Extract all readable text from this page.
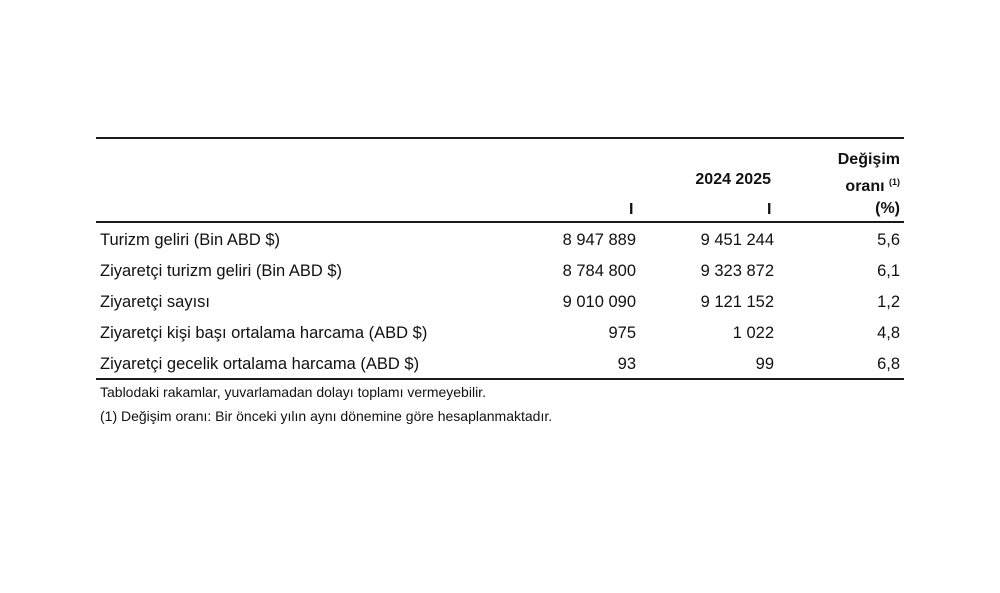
2024 2025
I	I
Değişim
oranı $^{(1)}$
(%)
Turizm geliri (Bin ABD $)	8 947 889	9 451 244	5,6
Ziyaretçi turizm geliri (Bin ABD $)	8 784 800	9 323 872	6,1
Ziyaretçi sayısı	9 010 090	9 121 152	1,2
Ziyaretçi kişi başı ortalama harcama (ABD $)	975	1 022	4,8
Ziyaretçi gecelik ortalama harcama (ABD $)	93	99	6,8
Tablodaki rakamlar, yuvarlamadan dolayı toplamı vermeyebilir.
(1) Değişim oranı: Bir önceki yılın aynı dönemine göre hesaplanmaktadır.
